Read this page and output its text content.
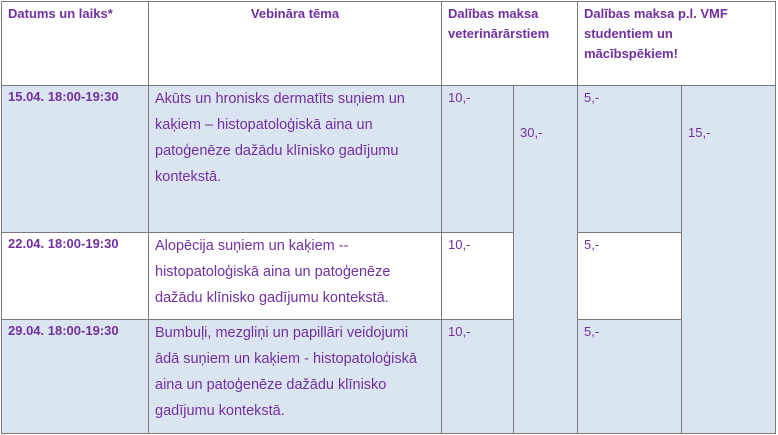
Datums un laiks*	Vebināra tēma	Dalības maksa veterinārārstiem		Dalības maksa p.l. VMF studentiem un mācībspēkiem!	
15.04. 18:00-19:30	Akūts un hronisks dermatīts suņiem un kaķiem – histopatoloģiskā aina un patoģenēze dažādu klīnisko gadījumu kontekstā.	10,-	30,-	5,-	15,-
22.04. 18:00-19:30	Alopēcija suņiem un kaķiem -- histopatoloģiskā aina un patoģenēze dažādu klīnisko gadījumu kontekstā.	10,-		5,-	
29.04. 18:00-19:30	Bumbuļi, mezgliņi un papillāri veidojumi ādā suņiem un kaķiem - histopatoloģiskā aina un patoģenēze dažādu klīnisko gadījumu kontekstā.	10,-		5,-	
